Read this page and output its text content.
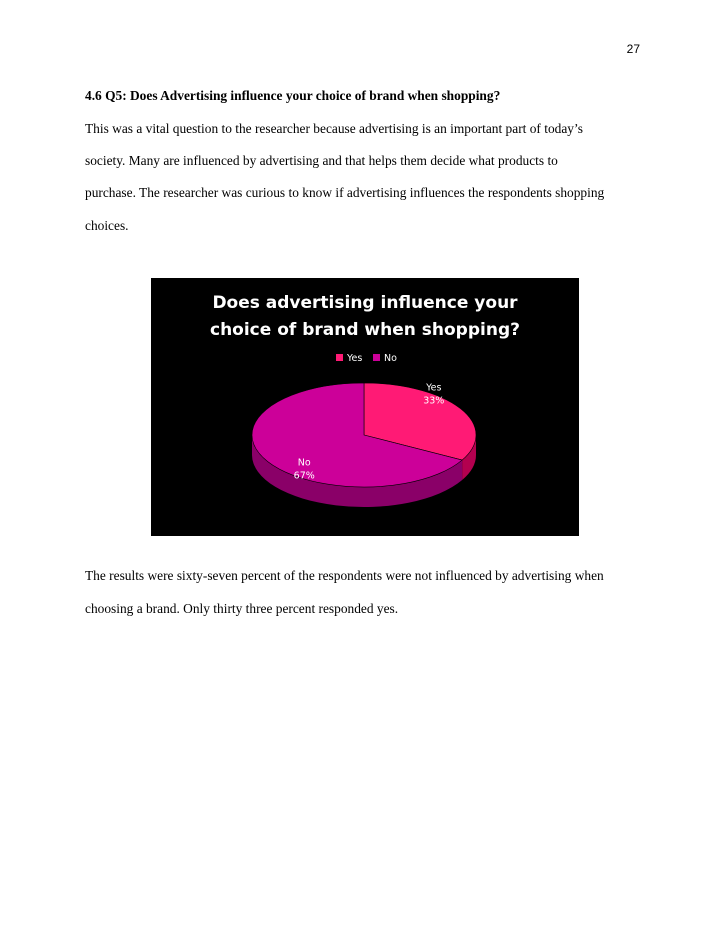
27
4.6 Q5: Does Advertising influence your choice of brand when shopping?
This was a vital question to the researcher because advertising is an important part of today’s
society. Many are influenced by advertising and that helps them decide what products to
purchase. The researcher was curious to know if advertising influences the respondents shopping
choices.
Does advertising influence your
choice of brand when shopping?
Yes No
Yes
33%
No
67%
The results were sixty-seven percent of the respondents were not influenced by advertising when
choosing a brand. Only thirty three percent responded yes.
